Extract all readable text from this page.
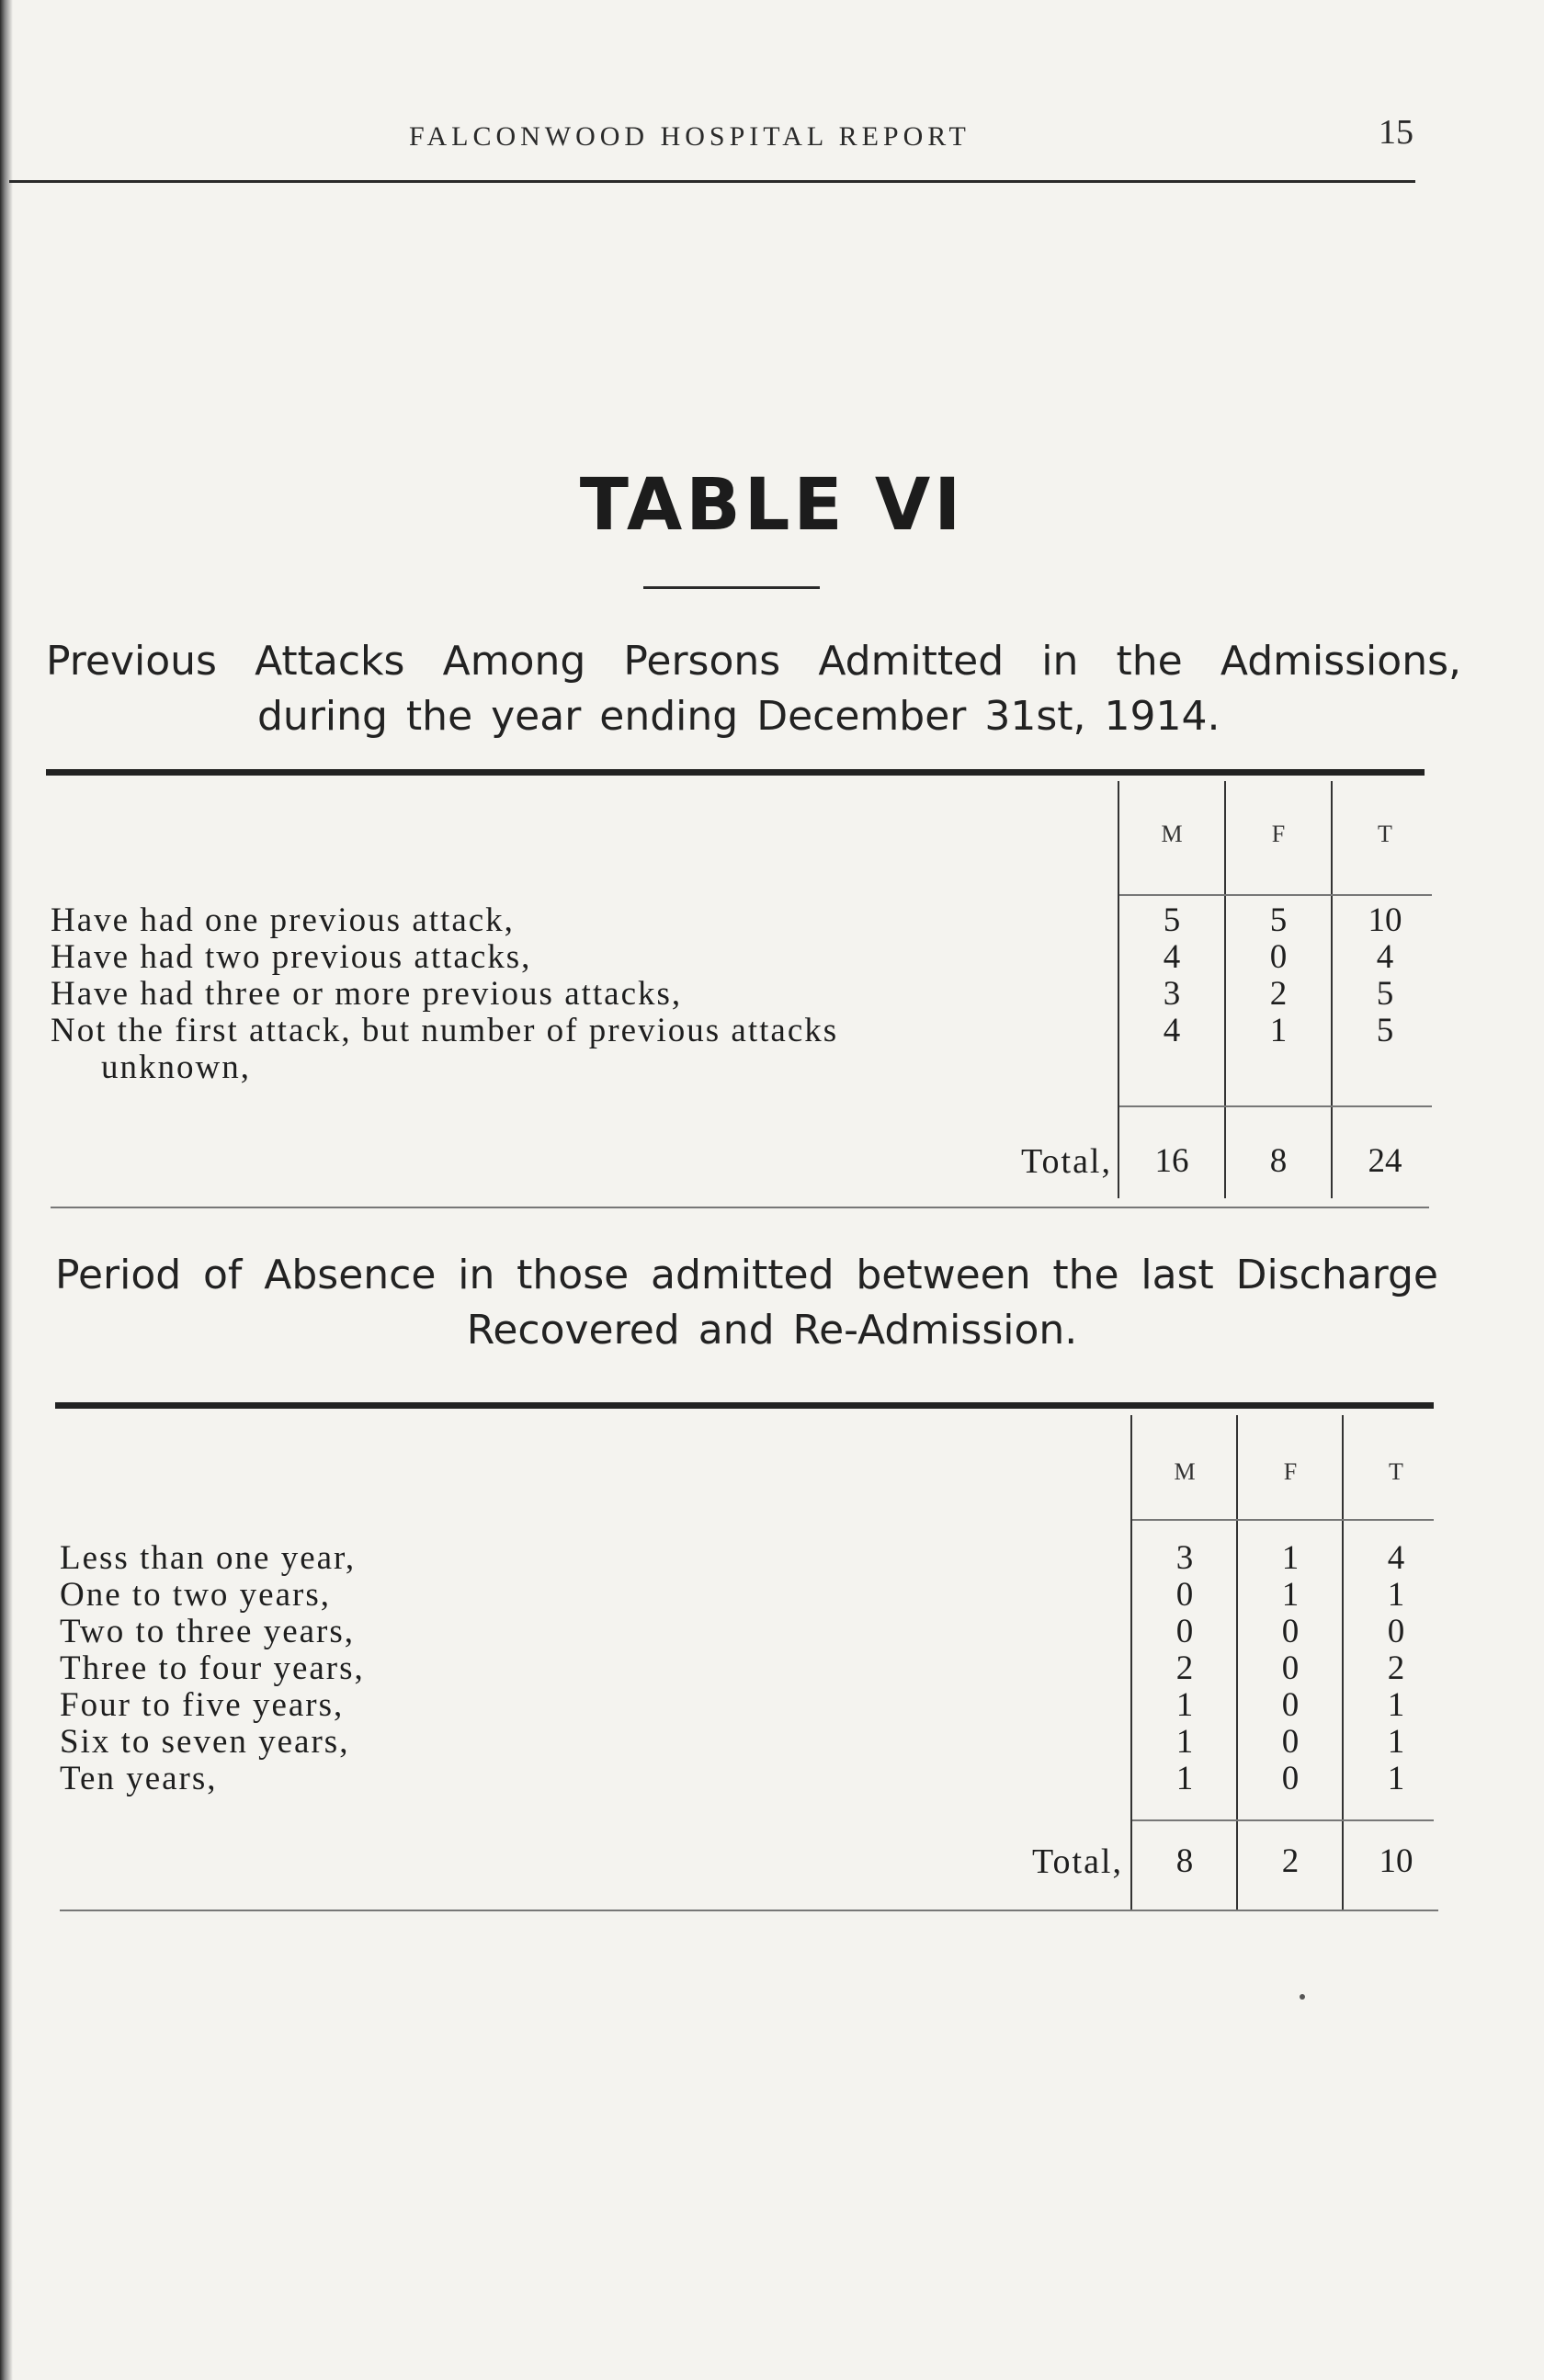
FALCONWOOD HOSPITAL REPORT	15
TABLE VI
Previous Attacks Among Persons Admitted in the Admissions,
during the year ending December 31st, 1914.
M	F	T
Have had one previous attack,	5	5	10
Have had two previous attacks,	4	0	4
Have had three or more previous attacks,	3	2	5
Not the first attack, but number of previous attacks
unknown,
4	1	5
Total,	16	8	24
Period of Absence in those admitted between the last Discharge
Recovered and Re-Admission.
M	F	T
Less than one year,	3	1	4
One to two years,	0	1	1
Two to three years,	0	0	0
Three to four years,	2	0	2
Four to five years,	1	0	1
Six to seven years,	1	0	1
Ten years,	1	0	1
Total,	8	2	10
